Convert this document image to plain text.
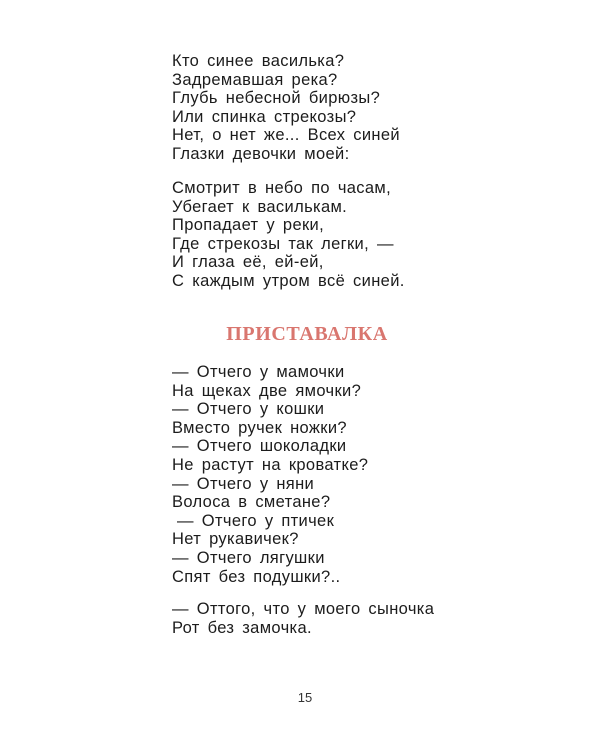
Кто синее василька?
Задремавшая река?
Глубь небесной бирюзы?
Или спинка стрекозы?
Нет, о нет же... Всех синей
Глазки девочки моей:
Смотрит в небо по часам,
Убегает к василькам.
Пропадает у реки,
Где стрекозы так легки, —
И глаза её, ей-ей,
С каждым утром всё синей.
ПРИСТАВАЛКА
— Отчего у мамочки
На щеках две ямочки?
— Отчего у кошки
Вместо ручек ножки?
— Отчего шоколадки
Не растут на кроватке?
— Отчего у няни
Волоса в сметане?
— Отчего у птичек
Нет рукавичек?
— Отчего лягушки
Спят без подушки?..
— Оттого, что у моего сыночка
Рот без замочка.
15
